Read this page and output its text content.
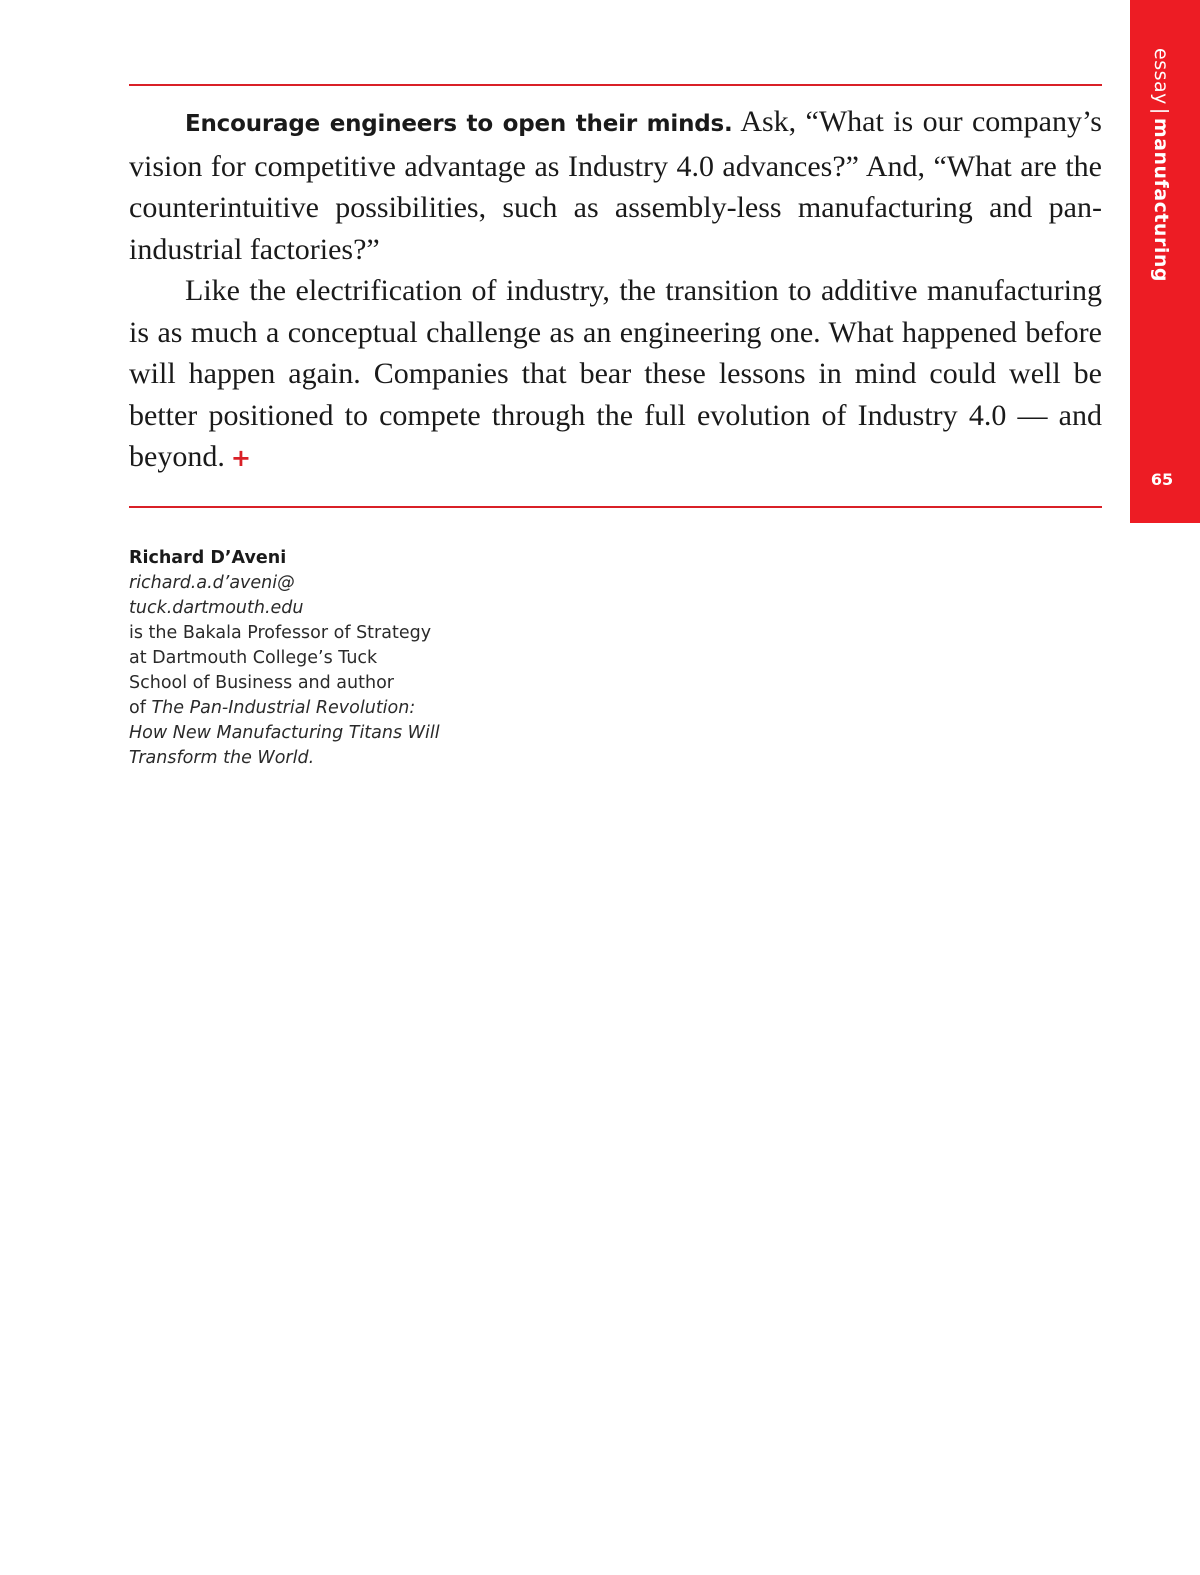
essay|manufacturing
65

Encourage engineers to open their minds. Ask, “What is our company’s vision for competitive advantage as Industry 4.0 advances?” And, “What are the counterintuitive possibilities, such as assembly-less manufacturing and pan-industrial factories?”

Like the electrification of industry, the transition to additive manufacturing is as much a conceptual challenge as an engineering one. What happened before will happen again. Companies that bear these lessons in mind could well be better positioned to compete through the full evolution of Industry 4.0 — and beyond. +

Richard D’Aveni
richard.a.d’aveni@
tuck.dartmouth.edu
is the Bakala Professor of Strategy
at Dartmouth College’s Tuck
School of Business and author
of The Pan-Industrial Revolution:
How New Manufacturing Titans Will
Transform the World.
